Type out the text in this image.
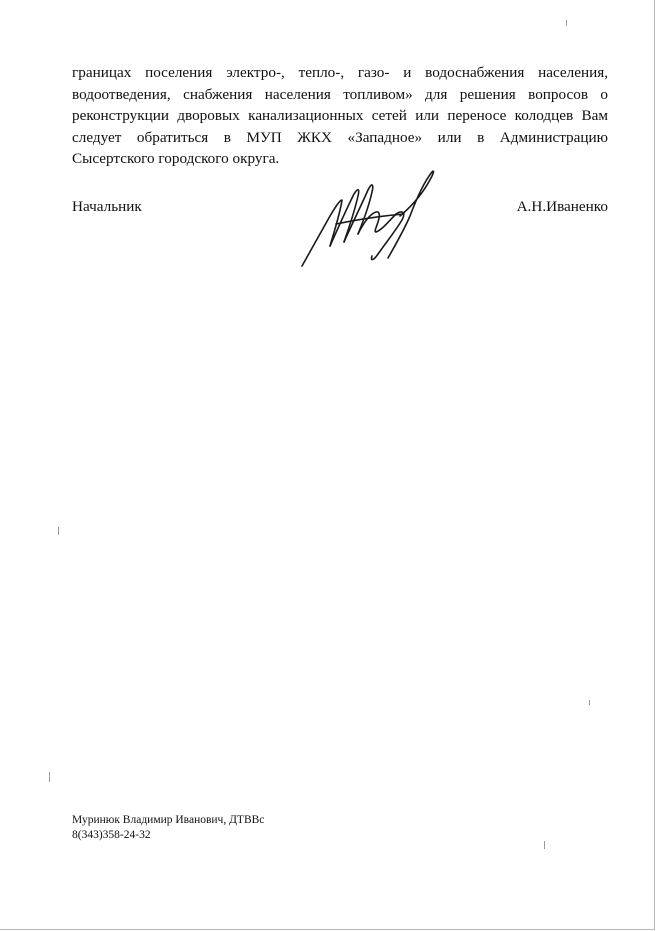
границах поселения электро-, тепло-, газо- и водоснабжения населения,
водоотведения, снабжения населения топливом» для решения вопросов о
реконструкции дворовых канализационных сетей или переносе колодцев Вам
следует обратиться в МУП ЖКХ «Западное» или в Администрацию
Сысертского городского округа.
Начальник	А.Н.Иваненко
Муринюк Владимир Иванович, ДТВВс
8(343)358-24-32
